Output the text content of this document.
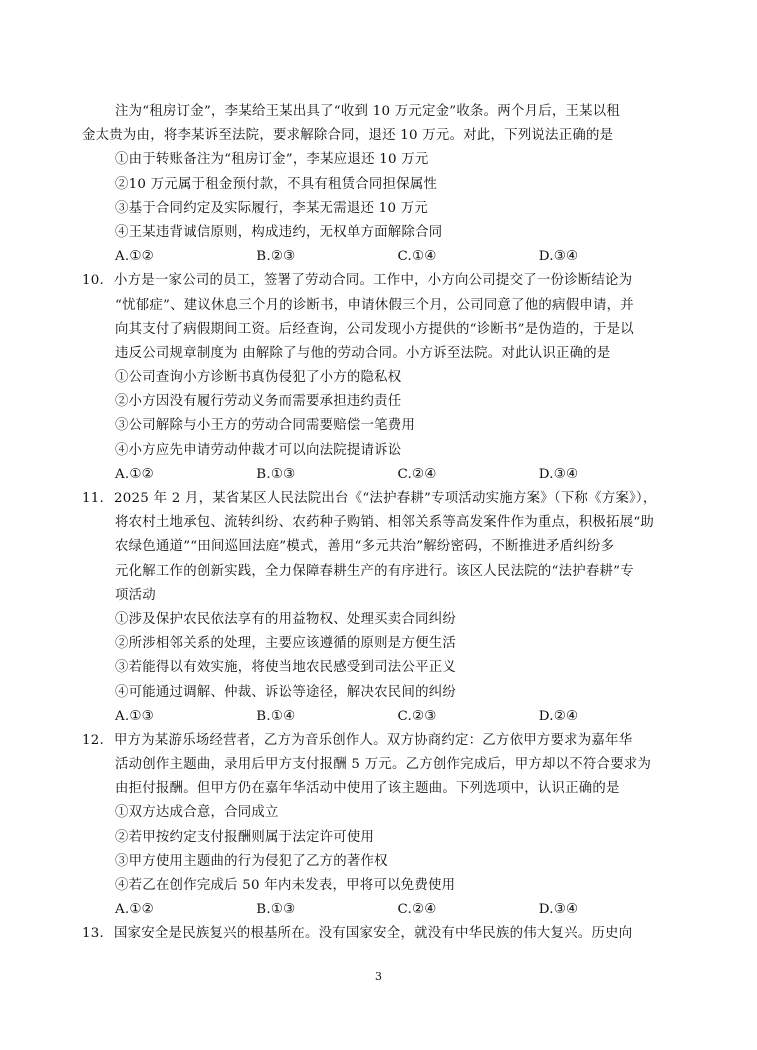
注为“租房订金”，李某给王某出具了“收到 10 万元定金”收条。两个月后，王某以租
金太贵为由，将李某诉至法院，要求解除合同，退还 10 万元。对此，下列说法正确的是
①由于转账备注为“租房订金”，李某应退还 10 万元
②10 万元属于租金预付款，不具有租赁合同担保属性
③基于合同约定及实际履行，李某无需退还 10 万元
④王某违背诚信原则，构成违约，无权单方面解除合同
A.①②	B.②③	C.①④	D.③④
10. 小方是一家公司的员工，签署了劳动合同。工作中，小方向公司提交了一份诊断结论为
“忧郁症”、建议休息三个月的诊断书，申请休假三个月，公司同意了他的病假申请，并
向其支付了病假期间工资。后经查询，公司发现小方提供的“诊断书”是伪造的，于是以
违反公司规章制度为 由解除了与他的劳动合同。小方诉至法院。对此认识正确的是
①公司查询小方诊断书真伪侵犯了小方的隐私权
②小方因没有履行劳动义务而需要承担违约责任
③公司解除与小王方的劳动合同需要赔偿一笔费用
④小方应先申请劳动仲裁才可以向法院提请诉讼
A.①②	B.①③	C.②④	D.③④
11. 2025 年 2 月，某省某区人民法院出台《“法护春耕”专项活动实施方案》（下称《方案》），
将农村土地承包、流转纠纷、农药种子购销、相邻关系等高发案件作为重点，积极拓展“助
农绿色通道”“田间巡回法庭”模式，善用“多元共治”解纷密码，不断推进矛盾纠纷多
元化解工作的创新实践，全力保障春耕生产的有序进行。该区人民法院的“法护春耕”专
项活动
①涉及保护农民依法享有的用益物权、处理买卖合同纠纷
②所涉相邻关系的处理，主要应该遵循的原则是方便生活
③若能得以有效实施，将使当地农民感受到司法公平正义
④可能通过调解、仲裁、诉讼等途径，解决农民间的纠纷
A.①③	B.①④	C.②③	D.②④
12. 甲方为某游乐场经营者，乙方为音乐创作人。双方协商约定：乙方依甲方要求为嘉年华
活动创作主题曲，录用后甲方支付报酬 5 万元。乙方创作完成后，甲方却以不符合要求为
由拒付报酬。但甲方仍在嘉年华活动中使用了该主题曲。下列选项中，认识正确的是
①双方达成合意，合同成立
②若甲按约定支付报酬则属于法定许可使用
③甲方使用主题曲的行为侵犯了乙方的著作权
④若乙在创作完成后 50 年内未发表，甲将可以免费使用
A.①②	B.①③	C.②④	D.③④
13. 国家安全是民族复兴的根基所在。没有国家安全，就没有中华民族的伟大复兴。历史向
3
